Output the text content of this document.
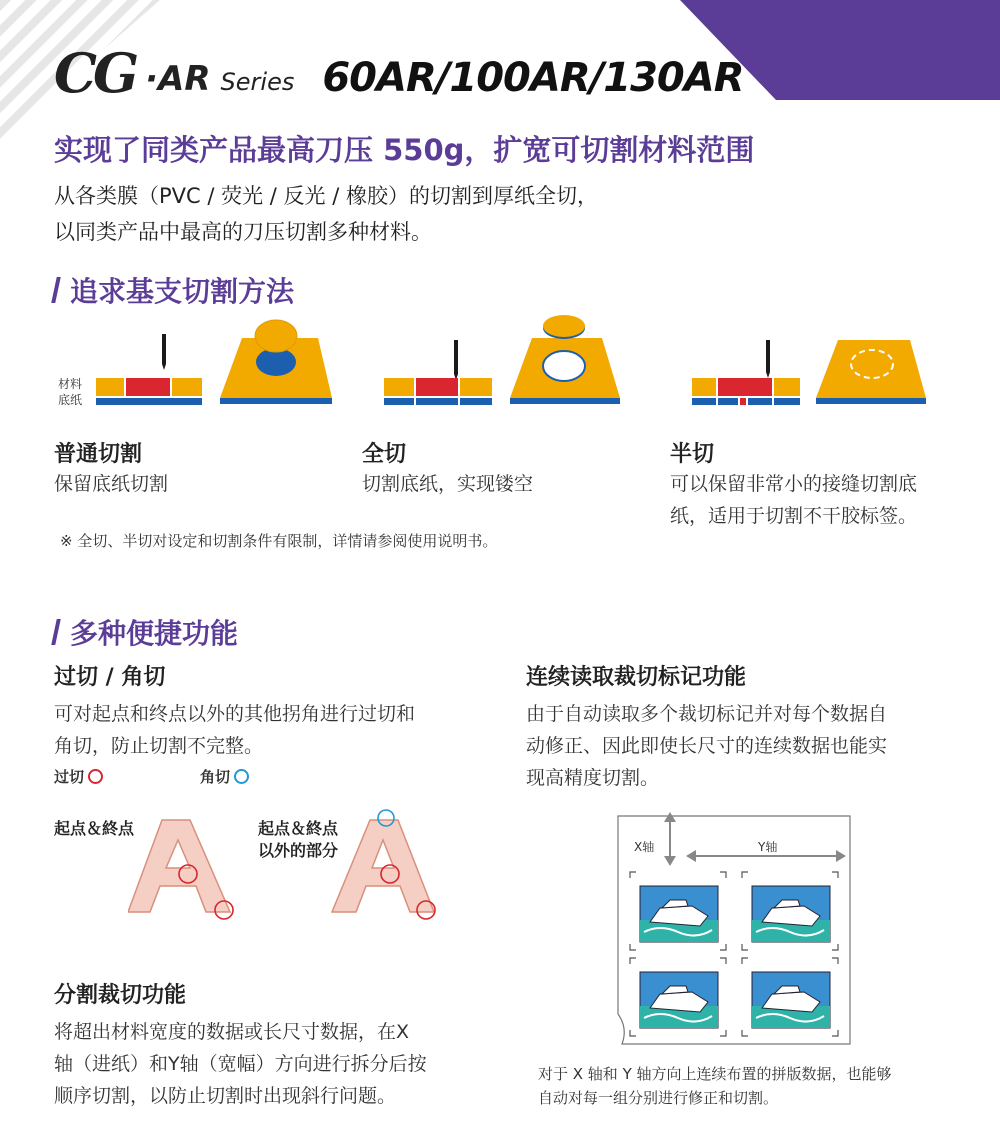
CG ·AR Series 60AR/100AR/130AR
实现了同类产品最高刀压 550g，扩宽可切割材料范围
从各类膜（PVC / 荧光 / 反光 / 橡胶）的切割到厚纸全切，
以同类产品中最高的刀压切割多种材料。
追求基支切割方法
材料
底纸
普通切割
保留底纸切割
全切
切割底纸，实现镂空
半切
可以保留非常小的接缝切割底
纸，适用于切割不干胶标签。
※ 全切、半切对设定和切割条件有限制，详情请参阅使用说明书。
多种便捷功能
过切 / 角切
可对起点和终点以外的其他拐角进行过切和
角切，防止切割不完整。
过切	角切
起点＆終点	起点＆終点
以外的部分
分割裁切功能
将超出材料宽度的数据或长尺寸数据，在X
轴（进纸）和Y轴（宽幅）方向进行拆分后按
顺序切割，以防止切割时出现斜行问题。
连续读取裁切标记功能
由于自动读取多个裁切标记并对每个数据自
动修正、因此即使长尺寸的连续数据也能实
现高精度切割。
X轴	Y轴
对于 X 轴和 Y 轴方向上连续布置的拼版数据，也能够
自动对每一组分别进行修正和切割。
